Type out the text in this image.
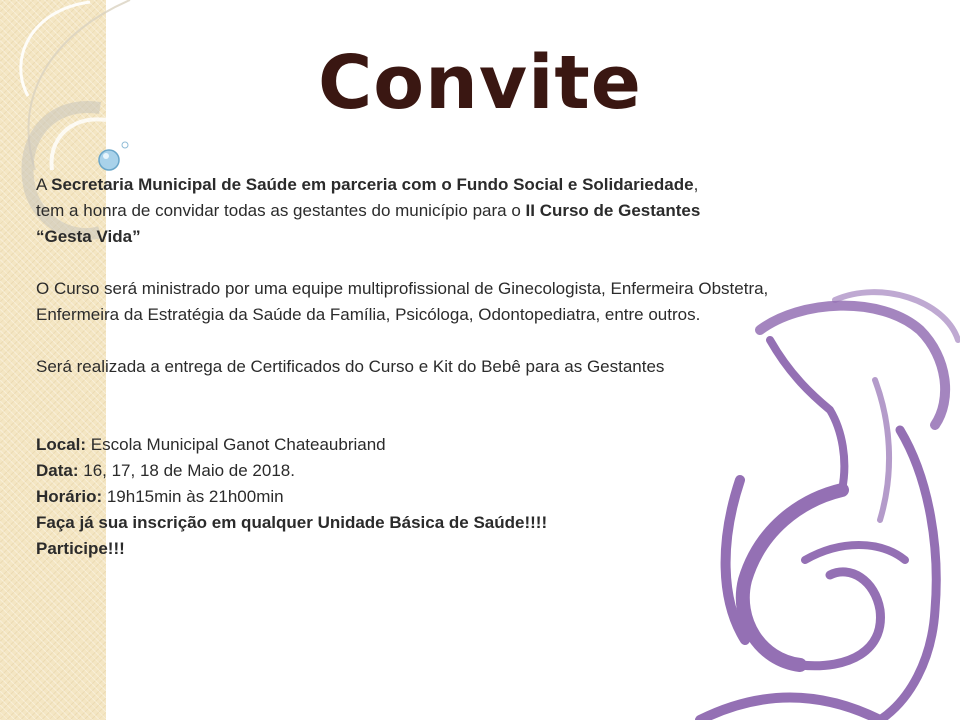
Convite

A Secretaria Municipal de Saúde em parceria com o Fundo Social e Solidariedade,

tem a honra de convidar todas as gestantes do município para o II Curso de Gestantes

“Gesta Vida”

O Curso será ministrado por uma equipe multiprofissional de Ginecologista, Enfermeira Obstetra,

Enfermeira da Estratégia da Saúde da Família, Psicóloga, Odontopediatra, entre outros.

Será realizada a entrega de Certificados do Curso e Kit do Bebê para as Gestantes

Local: Escola Municipal Ganot Chateaubriand

Data: 16, 17, 18 de Maio de 2018.

Horário: 19h15min às 21h00min

Faça já sua inscrição em qualquer Unidade Básica de Saúde!!!!

Participe!!!
